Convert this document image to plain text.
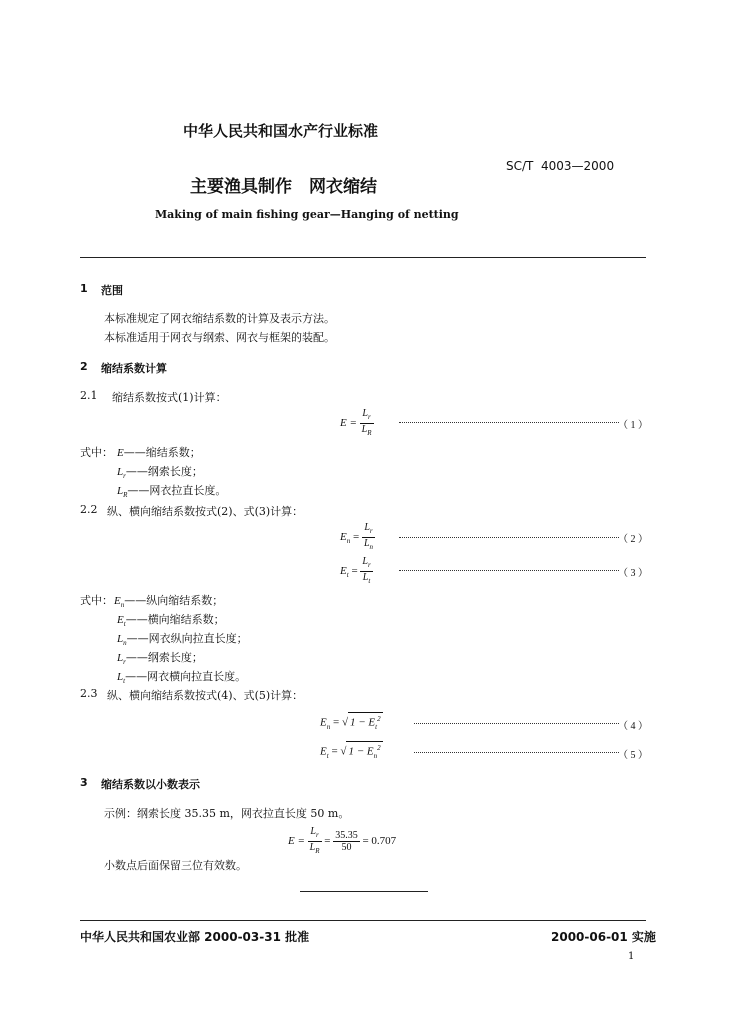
中华人民共和国水产行业标准
主要渔具制作　网衣缩结
SC/T  4003—2000
Making of main fishing gear—Hanging of netting
1 范围
本标准规定了网衣缩结系数的计算及表示方法。
本标准适用于网衣与纲索、网衣与框架的装配。
2 缩结系数计算
2.1 缩结系数按式(1)计算：
$E = \frac{L_r}{L_R}$	（ 1 ）
式中： E——缩结系数；
$L_r——$纲索长度；
$L_R——$网衣拉直长度。
2.2 纵、横向缩结系数按式(2)、式(3)计算：
$E_n = \frac{L_r}{L_n}$	（ 2 ）
$E_t = \frac{L_r}{L_t}$	（ 3 ）
式中： $E_n——$纵向缩结系数；
$E_t——$横向缩结系数；
$L_n——$网衣纵向拉直长度；
$L_r——$纲索长度；
$L_t——$网衣横向拉直长度。
2.3 纵、横向缩结系数按式(4)、式(5)计算：
$E_n$ = √ $1 - E_t^2$
（ 4 ）
$E_t$ = √ $1 - E_n^2$
（ 5 ）
3 缩结系数以小数表示
示例：纲索长度 35.35 m，网衣拉直长度 50 m。
$E = \frac{L_r}{L_R} = \frac{35.35}{50} = 0.707$
小数点后面保留三位有效数。
中华人民共和国农业部 2000-03-31 批准	2000-06-01 实施
1
